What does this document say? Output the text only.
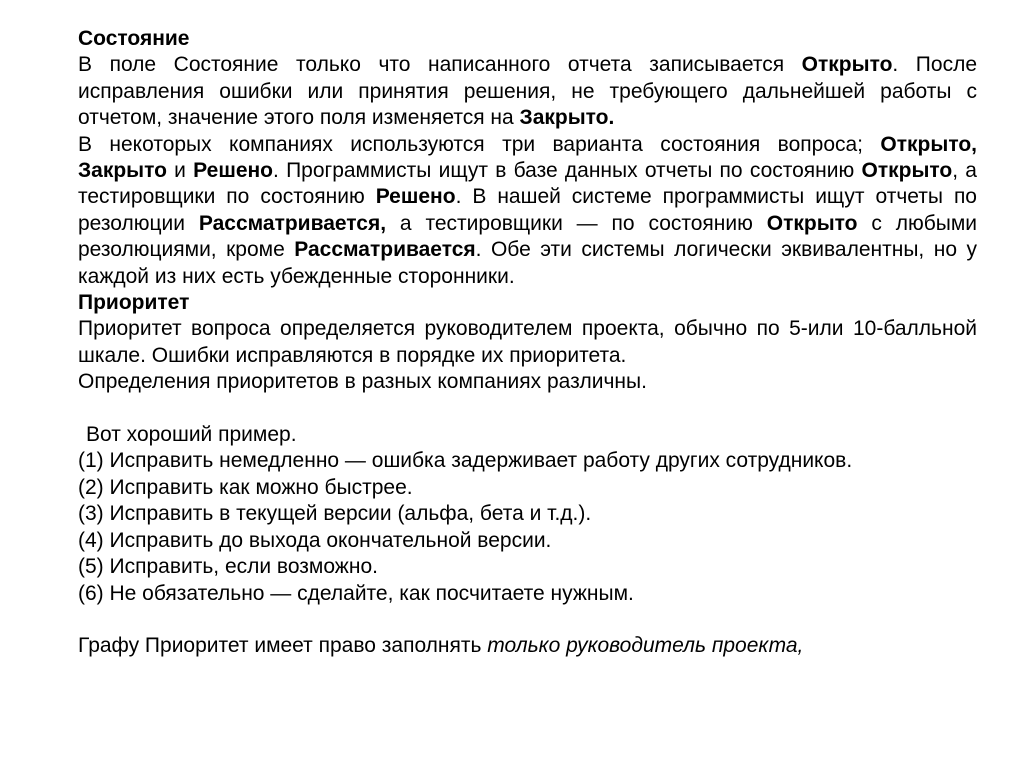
Состояние

В поле Состояние только что написанного отчета записывается Открыто. После исправления ошибки или принятия решения, не требующего дальнейшей работы с отчетом, значение этого поля изменяется на Закрыто.

В некоторых компаниях используются три варианта состояния вопроса; Открыто, Закрыто и Решено. Программисты ищут в базе данных отчеты по состоянию Открыто, а тестировщики по состоянию Решено. В нашей системе программисты ищут отчеты по резолюции Рассматривается, а тестировщики — по состоянию Открыто с любыми резолюциями, кроме Рассматривается. Обе эти системы логически эквивалентны, но у каждой из них есть убежденные сторонники.

Приоритет

Приоритет вопроса определяется руководителем проекта, обычно по 5-или 10-балльной шкале. Ошибки исправляются в порядке их приоритета.

Определения приоритетов в разных компаниях различны.

Вот хороший пример.

(1) Исправить немедленно — ошибка задерживает работу других сотрудников.

(2) Исправить как можно быстрее.

(3) Исправить в текущей версии (альфа, бета и т.д.).

(4) Исправить до выхода окончательной версии.

(5) Исправить, если возможно.

(6) Не обязательно — сделайте, как посчитаете нужным.

Графу Приоритет имеет право заполнять только руководитель проекта,
